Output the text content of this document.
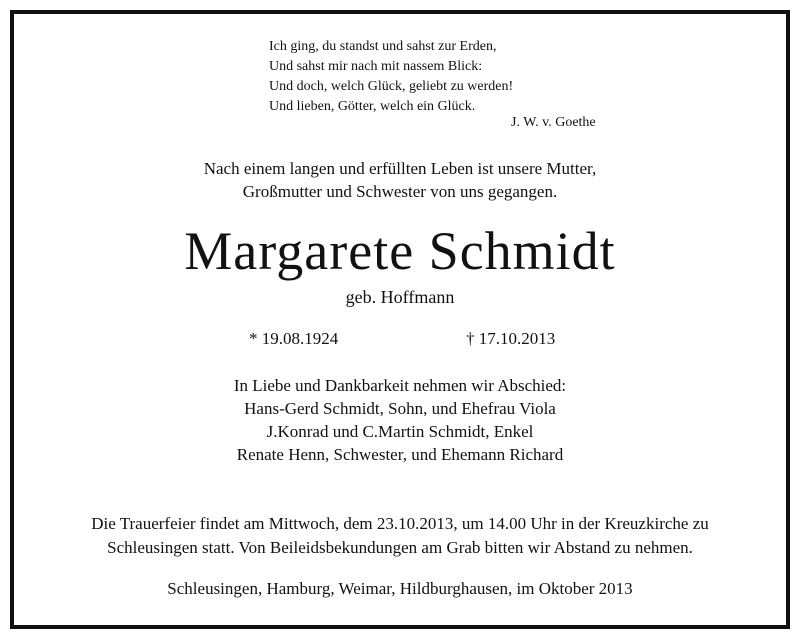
Ich ging, du standst und sahst zur Erden,
Und sahst mir nach mit nassem Blick:
Und doch, welch Glück, geliebt zu werden!
Und lieben, Götter, welch ein Glück.
J. W. v. Goethe
Nach einem langen und erfüllten Leben ist unsere Mutter,
Großmutter und Schwester von uns gegangen.
Margarete Schmidt
geb. Hoffmann
* 19.08.1924	† 17.10.2013
In Liebe und Dankbarkeit nehmen wir Abschied:
Hans-Gerd Schmidt, Sohn, und Ehefrau Viola
J.Konrad und C.Martin Schmidt, Enkel
Renate Henn, Schwester, und Ehemann Richard
Die Trauerfeier findet am Mittwoch, dem 23.10.2013, um 14.00 Uhr in der Kreuzkirche zu
Schleusingen statt. Von Beileidsbekundungen am Grab bitten wir Abstand zu nehmen.
Schleusingen, Hamburg, Weimar, Hildburghausen, im Oktober 2013
